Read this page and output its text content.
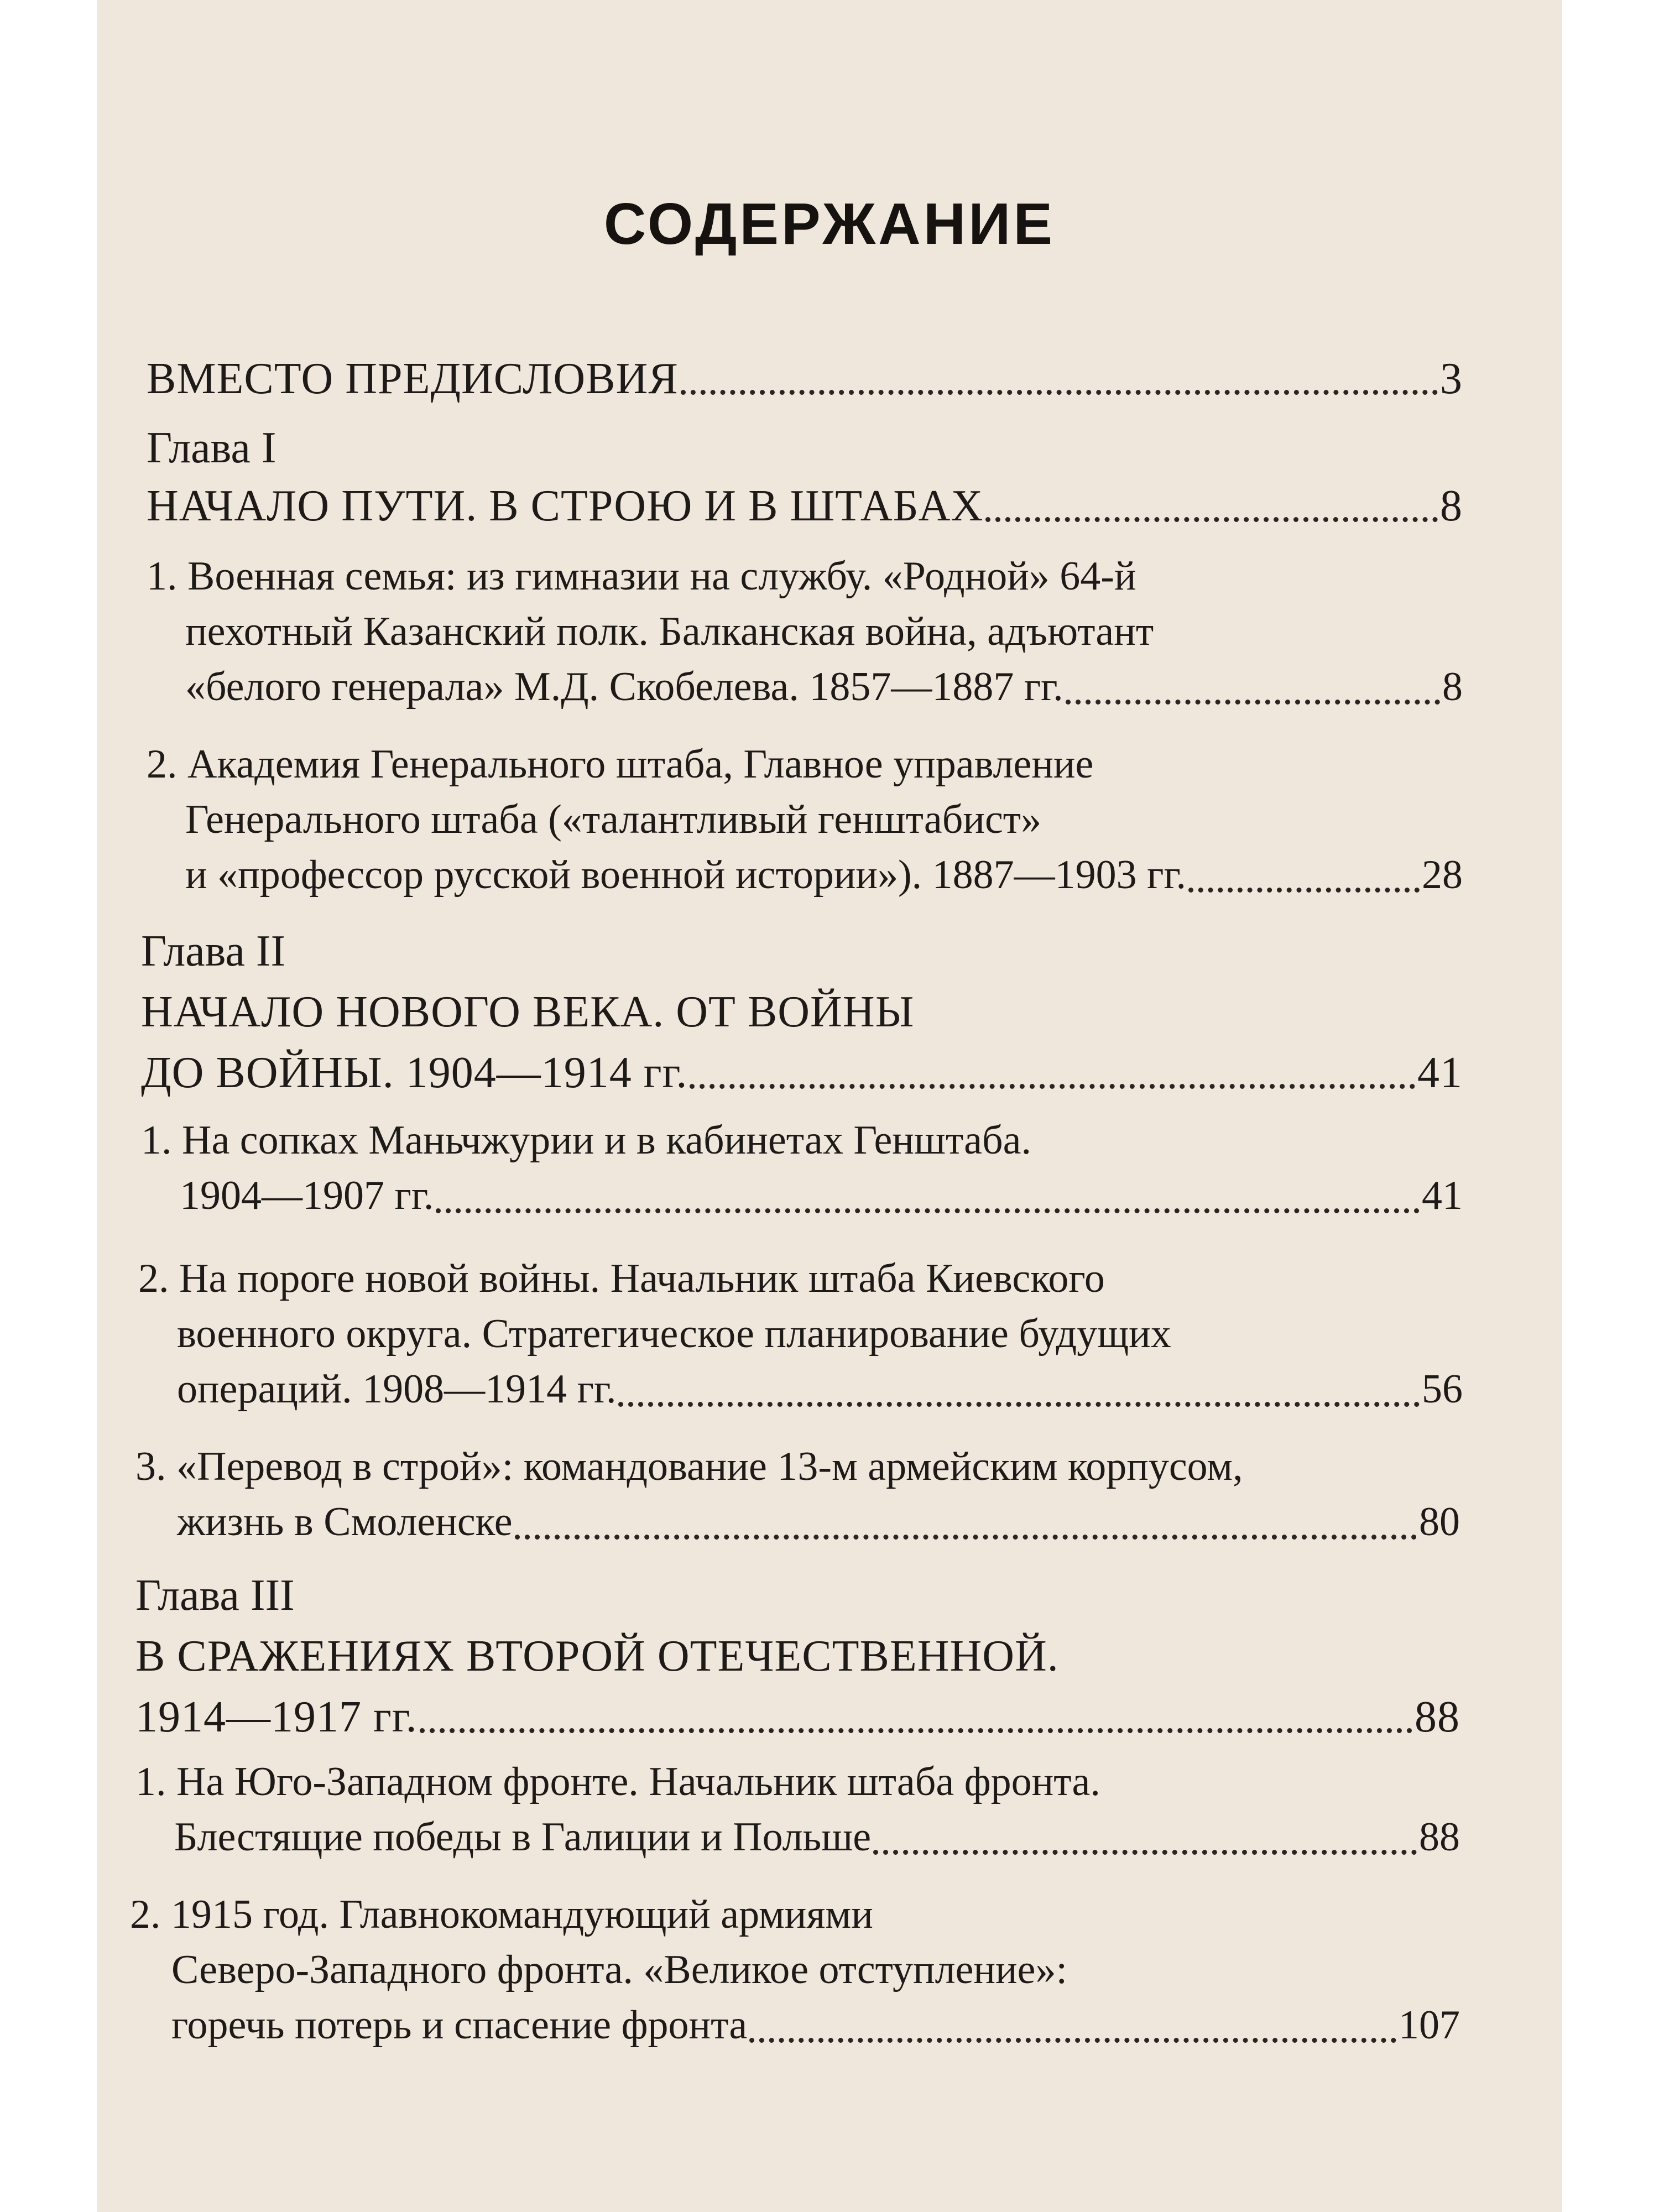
СОДЕРЖАНИЕ
ВМЕСТО ПРЕДИСЛОВИЯ	3
Глава I
НАЧАЛО ПУТИ. В СТРОЮ И В ШТАБАХ	8
1. Военная семья: из гимназии на службу. «Родной» 64-й
пехотный Казанский полк. Балканская война, адъютант
«белого генерала» М.Д. Скобелева. 1857—1887 гг.	8
2. Академия Генерального штаба, Главное управление
Генерального штаба («талантливый генштабист»
и «профессор русской военной истории»). 1887—1903 гг.	28
Глава II
НАЧАЛО НОВОГО ВЕКА. ОТ ВОЙНЫ
ДО ВОЙНЫ. 1904—1914 гг.	41
1. На сопках Маньчжурии и в кабинетах Генштаба.
1904—1907 гг.	41
2. На пороге новой войны. Начальник штаба Киевского
военного округа. Стратегическое планирование будущих
операций. 1908—1914 гг.	56
3. «Перевод в строй»: командование 13-м армейским корпусом,
жизнь в Смоленске	80
Глава III
В СРАЖЕНИЯХ ВТОРОЙ ОТЕЧЕСТВЕННОЙ.
1914—1917 гг.	88
1. На Юго-Западном фронте. Начальник штаба фронта.
Блестящие победы в Галиции и Польше	88
2. 1915 год. Главнокомандующий армиями
Северо-Западного фронта. «Великое отступление»:
горечь потерь и спасение фронта	107
